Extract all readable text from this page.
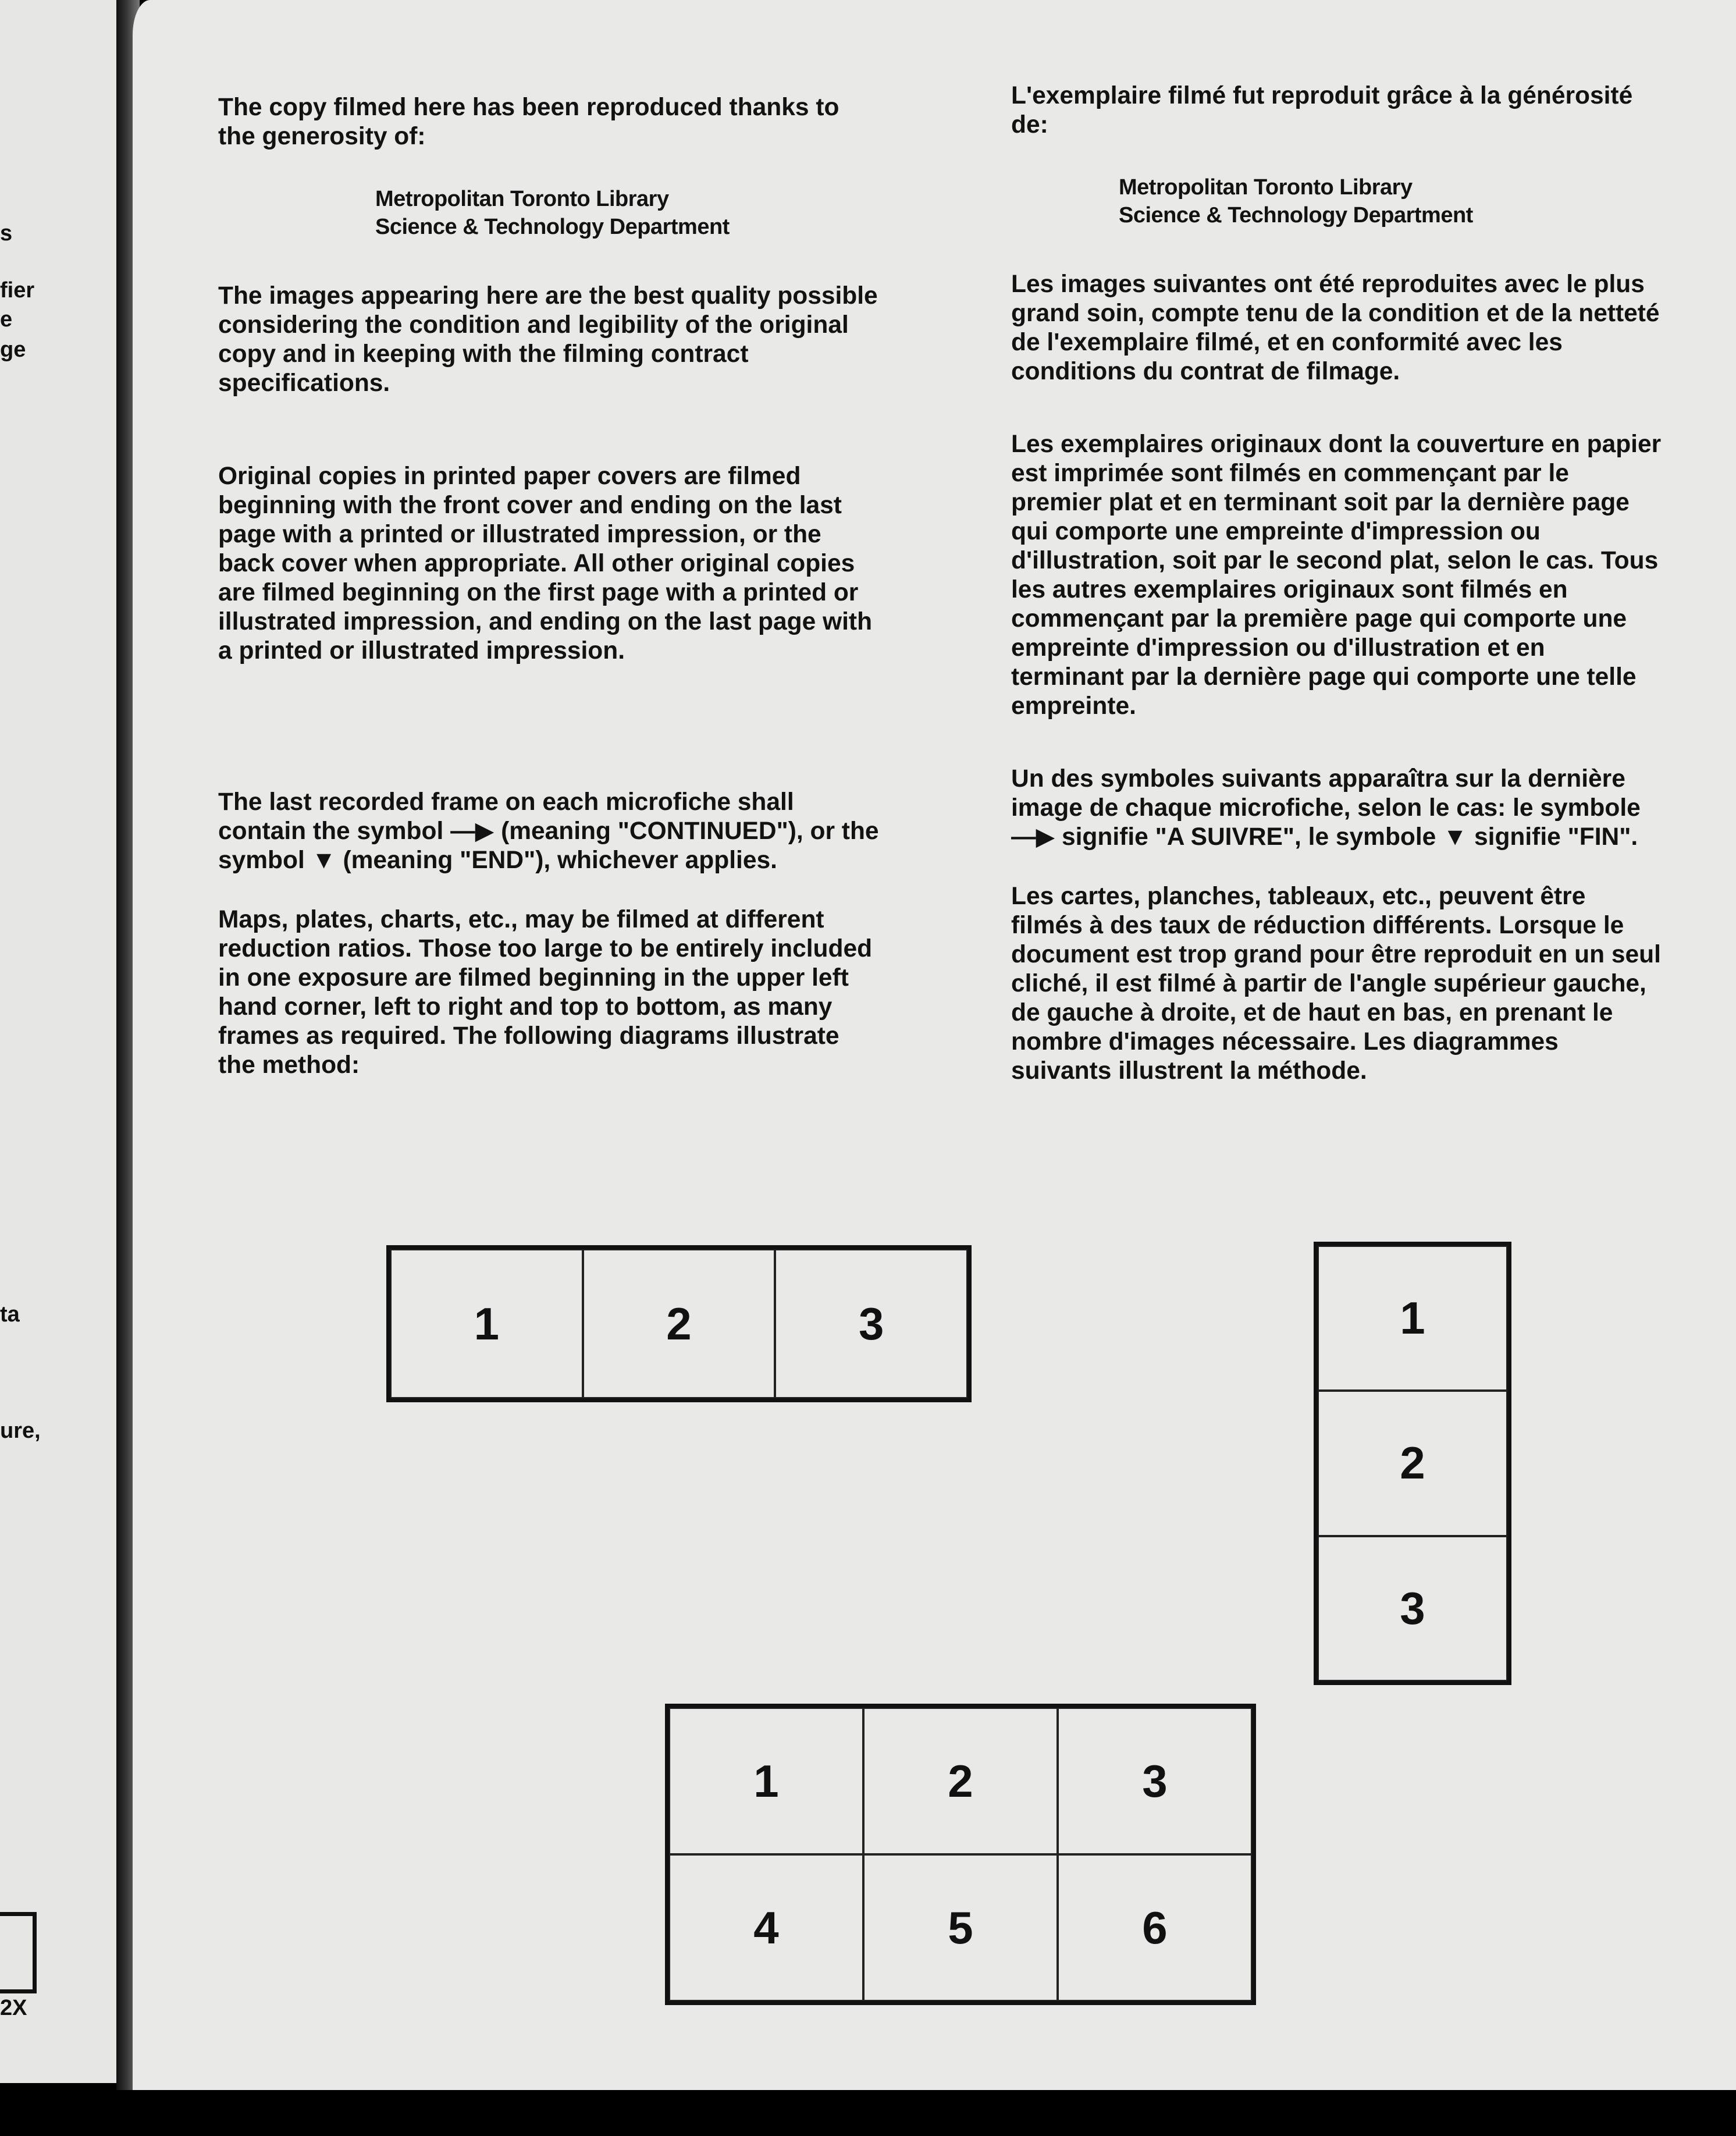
s
fier
e
ge
ta
ure,
2X

The copy filmed here has been reproduced thanks to the generosity of:

Metropolitan Toronto Library
Science & Technology Department

The images appearing here are the best quality possible considering the condition and legibility of the original copy and in keeping with the filming contract specifications.

Original copies in printed paper covers are filmed beginning with the front cover and ending on the last page with a printed or illustrated impression, or the back cover when appropriate. All other original copies are filmed beginning on the first page with a printed or illustrated impression, and ending on the last page with a printed or illustrated impression.

The last recorded frame on each microfiche shall contain the symbol —▶ (meaning "CONTINUED"), or the symbol ▼ (meaning "END"), whichever applies.

Maps, plates, charts, etc., may be filmed at different reduction ratios. Those too large to be entirely included in one exposure are filmed beginning in the upper left hand corner, left to right and top to bottom, as many frames as required. The following diagrams illustrate the method:

L'exemplaire filmé fut reproduit grâce à la générosité de:

Metropolitan Toronto Library
Science & Technology Department

Les images suivantes ont été reproduites avec le plus grand soin, compte tenu de la condition et de la netteté de l'exemplaire filmé, et en conformité avec les conditions du contrat de filmage.

Les exemplaires originaux dont la couverture en papier est imprimée sont filmés en commençant par le premier plat et en terminant soit par la dernière page qui comporte une empreinte d'impression ou d'illustration, soit par le second plat, selon le cas. Tous les autres exemplaires originaux sont filmés en commençant par la première page qui comporte une empreinte d'impression ou d'illustration et en terminant par la dernière page qui comporte une telle empreinte.

Un des symboles suivants apparaîtra sur la dernière image de chaque microfiche, selon le cas: le symbole —▶ signifie "A SUIVRE", le symbole ▼ signifie "FIN".

Les cartes, planches, tableaux, etc., peuvent être filmés à des taux de réduction différents. Lorsque le document est trop grand pour être reproduit en un seul cliché, il est filmé à partir de l'angle supérieur gauche, de gauche à droite, et de haut en bas, en prenant le nombre d'images nécessaire. Les diagrammes suivants illustrent la méthode.

1	2	3	1
2
3
1	2	3
4	5	6
